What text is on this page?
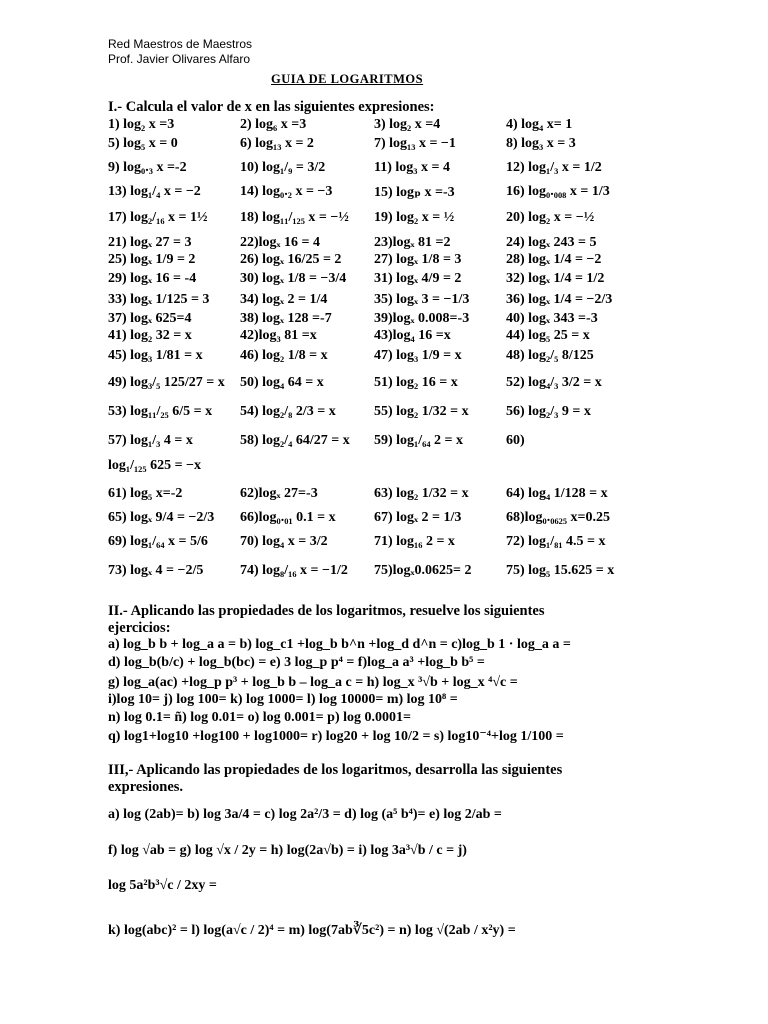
Red Maestros de Maestros
Prof. Javier Olivares Alfaro
GUIA DE LOGARITMOS
I.- Calcula el valor de x en las siguientes expresiones:
1) log₂ x =3	2) log₆ x =3	3) log₂ x =4	4) log₄ x= 1
5) log₅ x = 0	6) log₁₃ x = 2	7) log₁₃ x = −1	8) log₃ x = 3
9) log₀.₃ x =-2	10) log₁/₉ = 3/2	11) log₃ x = 4	12) log₁/₃ x = 1/2
13) log₁/₄ x = −2	14) log₀.₂ x = −3	15) logₚ x =-3	16) log₀.₀₀₈ x = 1/3
17) log₂/₁₆ x = 1½ 18) log₁₁/₁₂₅ x = −½ 19) log₂ x = ½	20) log₂ x = −½
21) logₓ 27 = 3	22)logₓ 16 = 4	23)logₓ 81 =2	24) logₓ 243 = 5
25) logₓ 1/9 = 2	26) logₓ 16/25 = 2 27) logₓ 1/8 = 3	28) logₓ 1/4 = −2
29) logₓ 16 = -4	30) logₓ 1/8 = −3/4 31) logₓ 4/9 = 2	32) logₓ 1/4 = 1/2
33) logₓ 1/125 = 3 34) logₓ 2 = 1/4	35) logₓ 3 = −1/3	36) logₓ 1/4 = −2/3
37) logₓ 625=4	38) logₓ 128 =-7	39)logₓ 0.008=-3	40) logₓ 343 =-3
41) log₂ 32 = x	42)log₃ 81 =x	43)log₄ 16 =x	44) log₅ 25 = x
45) log₃ 1/81 = x	46) log₂ 1/8 = x	47) log₃ 1/9 = x	48) log₂/₅ 8/125
49) log₃/₅ 125/27 = x 50) log₄ 64 = x	51) log₂ 16 = x	52) log₄/₃ 3/2 = x
53) log₁₁/₂₅ 6/5 = x 54) log₂/₈ 2/3 = x	55) log₂ 1/32 = x	56) log₂/₃ 9 = x
57) log₁/₃ 4 = x	58) log₂/₄ 64/27 = x 59) log₁/₆₄ 2 = x	60)
log₁/₁₂₅ 625 = −x
61) log₅ x=-2	62)logₓ 27=-3	63) log₂ 1/32 = x	64) log₄ 1/128 = x
65) logₓ 9/4 = −2/3 66)log₀.₀₁ 0.1 = x	67) logₓ 2 = 1/3	68)log₀.₀₆₂₅ x=0.25
69) log₁/₆₄ x = 5/6 70) log₄ x = 3/2	71) log₁₆ 2 = x	72) log₁/₈₁ 4.5 = x
73) logₓ 4 = −2/5	74) log₈/₁₆ x = −1/2 75)logₓ0.0625= 2 75) log₅ 15.625 = x
II.- Aplicando las propiedades de los logaritmos, resuelve los siguientes
ejercicios:
a) log_b b + log_a a = b) log_c1 +log_b b^n +log_d d^n = c)log_b 1 · log_a a =
d) log_b(b/c) + log_b(bc) = e) 3 log_p p⁴ = f)log_a a³ +log_b b⁵ =
g) log_a(ac) +log_p p³ + log_b b – log_a c = h) log_x ³√b + log_x ⁴√c =
i)log 10= j) log 100= k) log 1000= l) log 10000= m) log 10⁸ =
n) log 0.1= ñ) log 0.01= o) log 0.001= p) log 0.0001=
q) log1+log10 +log100 + log1000= r) log20 + log 10/2 = s) log10⁻⁴+log 1/100 =
III,- Aplicando las propiedades de los logaritmos, desarrolla las siguientes
expresiones.
a) log (2ab)= b) log 3a/4 = c) log 2a²/3 = d) log (a⁵ b⁴)= e) log 2/ab =
f) log √ab = g) log √x / 2y = h) log(2a√b) = i) log 3a³√b / c = j)
log 5a²b³√c / 2xy =
k) log(abc)² = l) log(a√c / 2)⁴ = m) log(7ab∛5c²) = n) log √(2ab / x²y) =
